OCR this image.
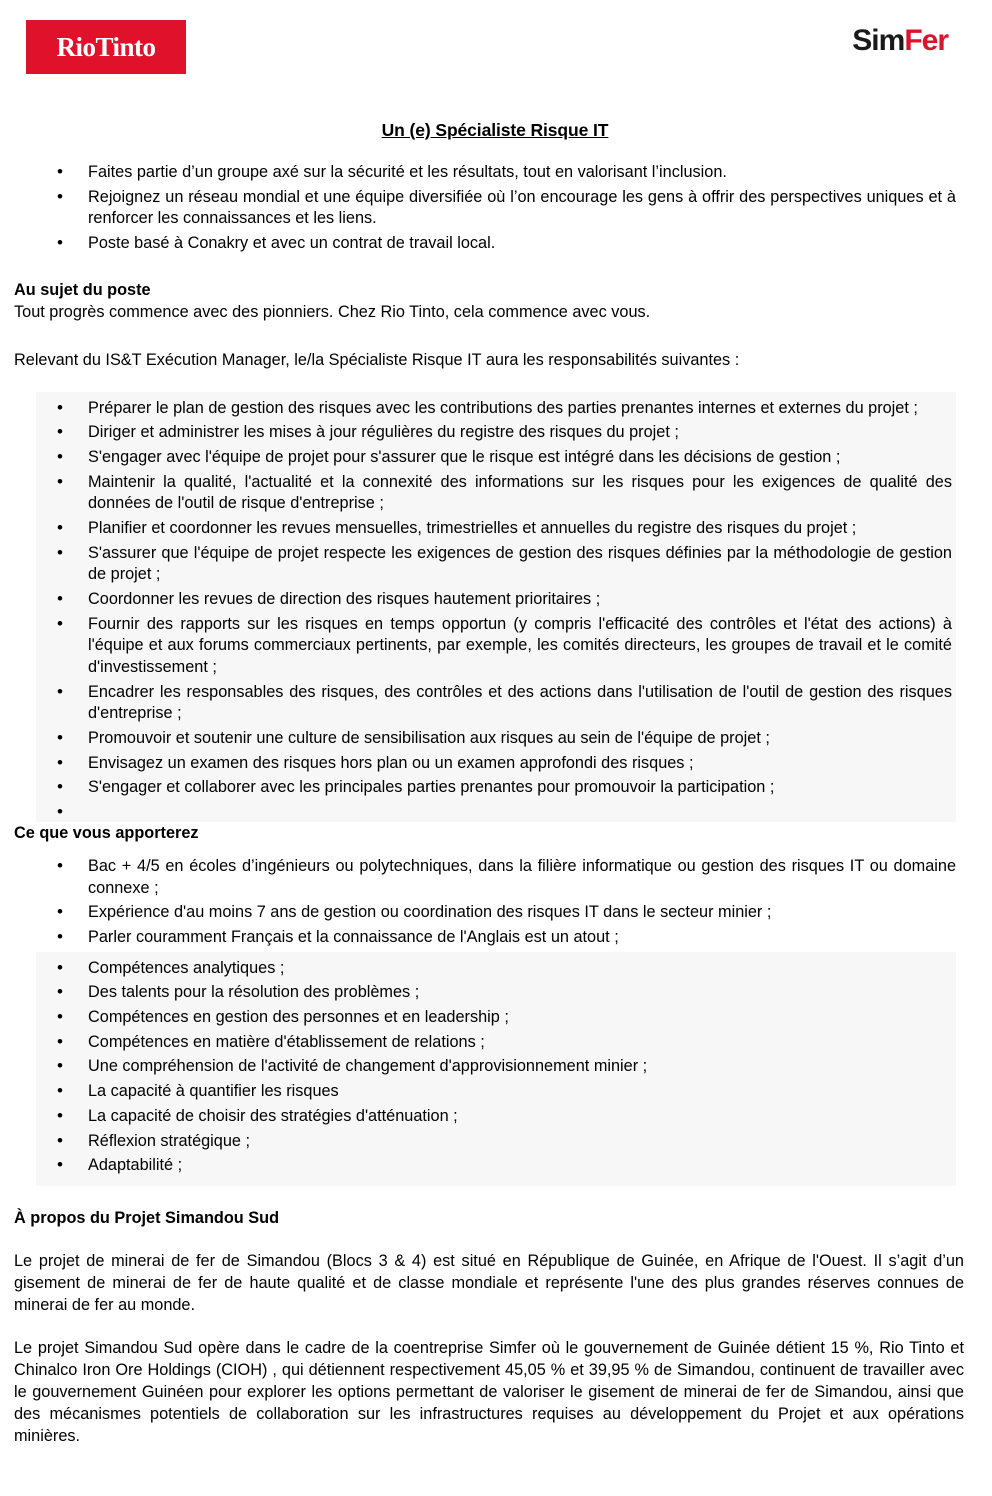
RioTinto	SimFer
Un (e) Spécialiste Risque IT
• Faites partie d’un groupe axé sur la sécurité et les résultats, tout en valorisant l’inclusion.
• Rejoignez un réseau mondial et une équipe diversifiée où l’on encourage les gens à offrir des perspectives uniques et à renforcer les connaissances et les liens.
• Poste basé à Conakry et avec un contrat de travail local.
Au sujet du poste

Tout progrès commence avec des pionniers. Chez Rio Tinto, cela commence avec vous.

Relevant du IS&T Exécution Manager, le/la Spécialiste Risque IT aura les responsabilités suivantes :

• Préparer le plan de gestion des risques avec les contributions des parties prenantes internes et externes du projet ;
• Diriger et administrer les mises à jour régulières du registre des risques du projet ;
• S'engager avec l'équipe de projet pour s'assurer que le risque est intégré dans les décisions de gestion ;
• Maintenir la qualité, l'actualité et la connexité des informations sur les risques pour les exigences de qualité des données de l'outil de risque d'entreprise ;
• Planifier et coordonner les revues mensuelles, trimestrielles et annuelles du registre des risques du projet ;
• S'assurer que l'équipe de projet respecte les exigences de gestion des risques définies par la méthodologie de gestion de projet ;
• Coordonner les revues de direction des risques hautement prioritaires ;
• Fournir des rapports sur les risques en temps opportun (y compris l'efficacité des contrôles et l'état des actions) à l'équipe et aux forums commerciaux pertinents, par exemple, les comités directeurs, les groupes de travail et le comité d'investissement ;
• Encadrer les responsables des risques, des contrôles et des actions dans l'utilisation de l'outil de gestion des risques d'entreprise ;
• Promouvoir et soutenir une culture de sensibilisation aux risques au sein de l'équipe de projet ;
• Envisagez un examen des risques hors plan ou un examen approfondi des risques ;
• S'engager et collaborer avec les principales parties prenantes pour promouvoir la participation ;
•
Ce que vous apporterez
• Bac + 4/5 en écoles d’ingénieurs ou polytechniques, dans la filière informatique ou gestion des risques IT ou domaine connexe ;
• Expérience d'au moins 7 ans de gestion ou coordination des risques IT dans le secteur minier ;
• Parler couramment Français et la connaissance de l'Anglais est un atout ;
• Compétences analytiques ;
• Des talents pour la résolution des problèmes ;
• Compétences en gestion des personnes et en leadership ;
• Compétences en matière d'établissement de relations ;
• Une compréhension de l'activité de changement d'approvisionnement minier ;
• La capacité à quantifier les risques
• La capacité de choisir des stratégies d'atténuation ;
• Réflexion stratégique ;
• Adaptabilité ;
À propos du Projet Simandou Sud

Le projet de minerai de fer de Simandou (Blocs 3 & 4) est situé en République de Guinée, en Afrique de l'Ouest. Il s’agit d’un gisement de minerai de fer de haute qualité et de classe mondiale et représente l'une des plus grandes réserves connues de minerai de fer au monde.

Le projet Simandou Sud opère dans le cadre de la coentreprise Simfer où le gouvernement de Guinée détient 15 %, Rio Tinto et Chinalco Iron Ore Holdings (CIOH) , qui détiennent respectivement 45,05 % et 39,95 % de Simandou, continuent de travailler avec le gouvernement Guinéen pour explorer les options permettant de valoriser le gisement de minerai de fer de Simandou, ainsi que des mécanismes potentiels de collaboration sur les infrastructures requises au développement du Projet et aux opérations minières.
